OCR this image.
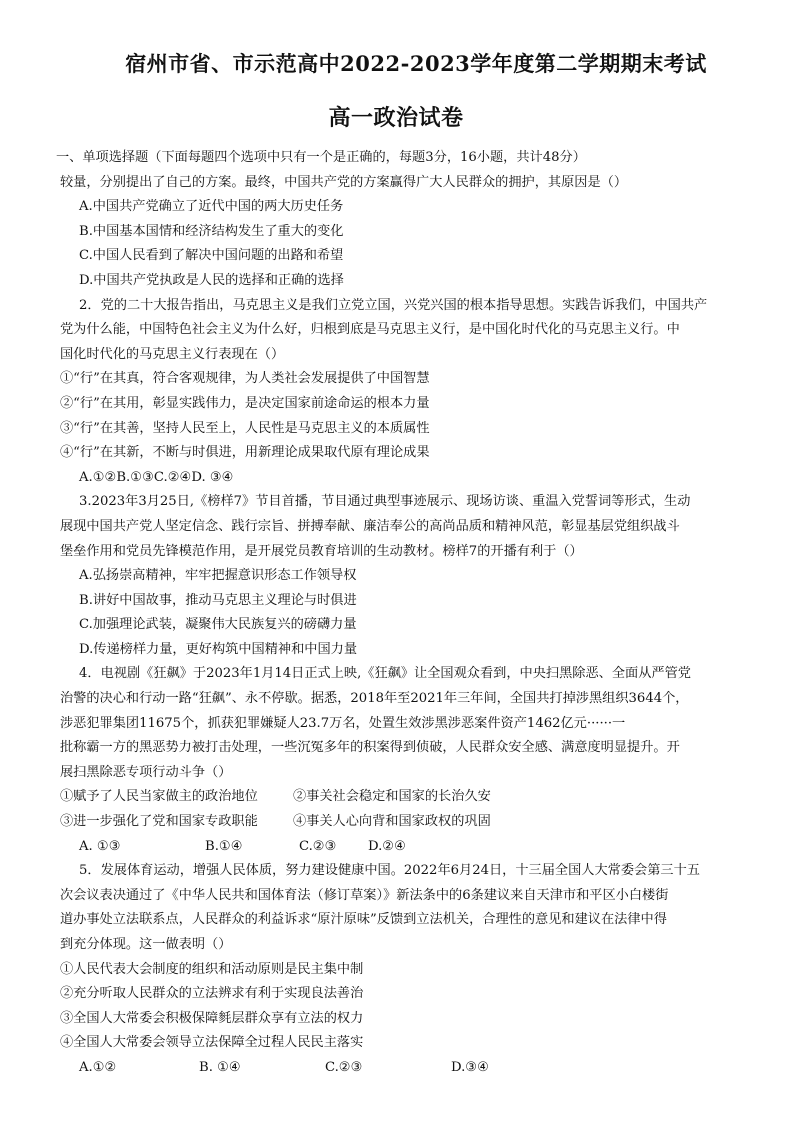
宿州市省、市示范高中2022-2023学年度第二学期期末考试
高一政治试卷
一、单项选择题（下面每题四个选项中只有一个是正确的，每题3分，16小题，共计48分）
较量，分别提出了自己的方案。最终，中国共产党的方案赢得广大人民群众的拥护，其原因是（）
A.中国共产党确立了近代中国的两大历史任务
B.中国基本国情和经济结构发生了重大的变化
C.中国人民看到了解决中国问题的出路和希望
D.中国共产党执政是人民的选择和正确的选择
2．党的二十大报告指出，马克思主义是我们立党立国，兴党兴国的根本指导思想。实践告诉我们，中国共产
党为什么能，中国特色社会主义为什么好，归根到底是马克思主义行，是中国化时代化的马克思主义行。中
国化时代化的马克思主义行表现在（）
①“行”在其真，符合客观规律，为人类社会发展提供了中国智慧
②“行”在其用，彰显实践伟力，是决定国家前途命运的根本力量
③“行”在其善，坚持人民至上，人民性是马克思主义的本质属性
④“行”在其新，不断与时俱进，用新理论成果取代原有理论成果
A.①②B.①③C.②④D. ③④
3.2023年3月25日,《榜样7》节目首播，节目通过典型事迹展示、现场访谈、重温入党誓词等形式，生动
展现中国共产党人坚定信念、践行宗旨、拼搏奉献、廉洁奉公的高尚品质和精神风范，彰显基层党组织战斗
堡垒作用和党员先锋模范作用，是开展党员教育培训的生动教材。榜样7的开播有利于（）
A.弘扬崇高精神，牢牢把握意识形态工作领导权
B.讲好中国故事，推动马克思主义理论与时俱进
C.加强理论武装，凝聚伟大民族复兴的磅礴力量
D.传递榜样力量，更好构筑中国精神和中国力量
4．电视剧《狂飙》于2023年1月14日正式上映,《狂飙》让全国观众看到，中央扫黑除恶、全面从严管党
治警的决心和行动一路“狂飙”、永不停歇。据悉，2018年至2021年三年间，全国共打掉涉黑组织3644个，
涉恶犯罪集团11675个，抓获犯罪嫌疑人23.7万名，处置生效涉黑涉恶案件资产1462亿元······一
批称霸一方的黑恶势力被打击处理，一些沉冤多年的积案得到侦破，人民群众安全感、满意度明显提升。开
展扫黑除恶专项行动斗争（）
①赋予了人民当家做主的政治地位	②事关社会稳定和国家的长治久安
③进一步强化了党和国家专政职能	④事关人心向背和国家政权的巩固
A. ①③	B.①④	C.②③ D.②④
5．发展体育运动，增强人民体质，努力建设健康中国。2022年6月24日，十三届全国人大常委会第三十五
次会议表决通过了《中华人民共和国体育法（修订草案）》新法条中的6条建议来自天津市和平区小白楼街
道办事处立法联系点，人民群众的利益诉求“原汁原味”反馈到立法机关，合理性的意见和建议在法律中得
到充分体现。这一做表明（）
①人民代表大会制度的组织和活动原则是民主集中制
②充分听取人民群众的立法辨求有利于实现良法善治
③全国人大常委会积极保障毵层群众享有立法的权力
④全国人大常委会领导立法保障全过程人民民主落实
A.①②	B. ①④	C.②③	D.③④
